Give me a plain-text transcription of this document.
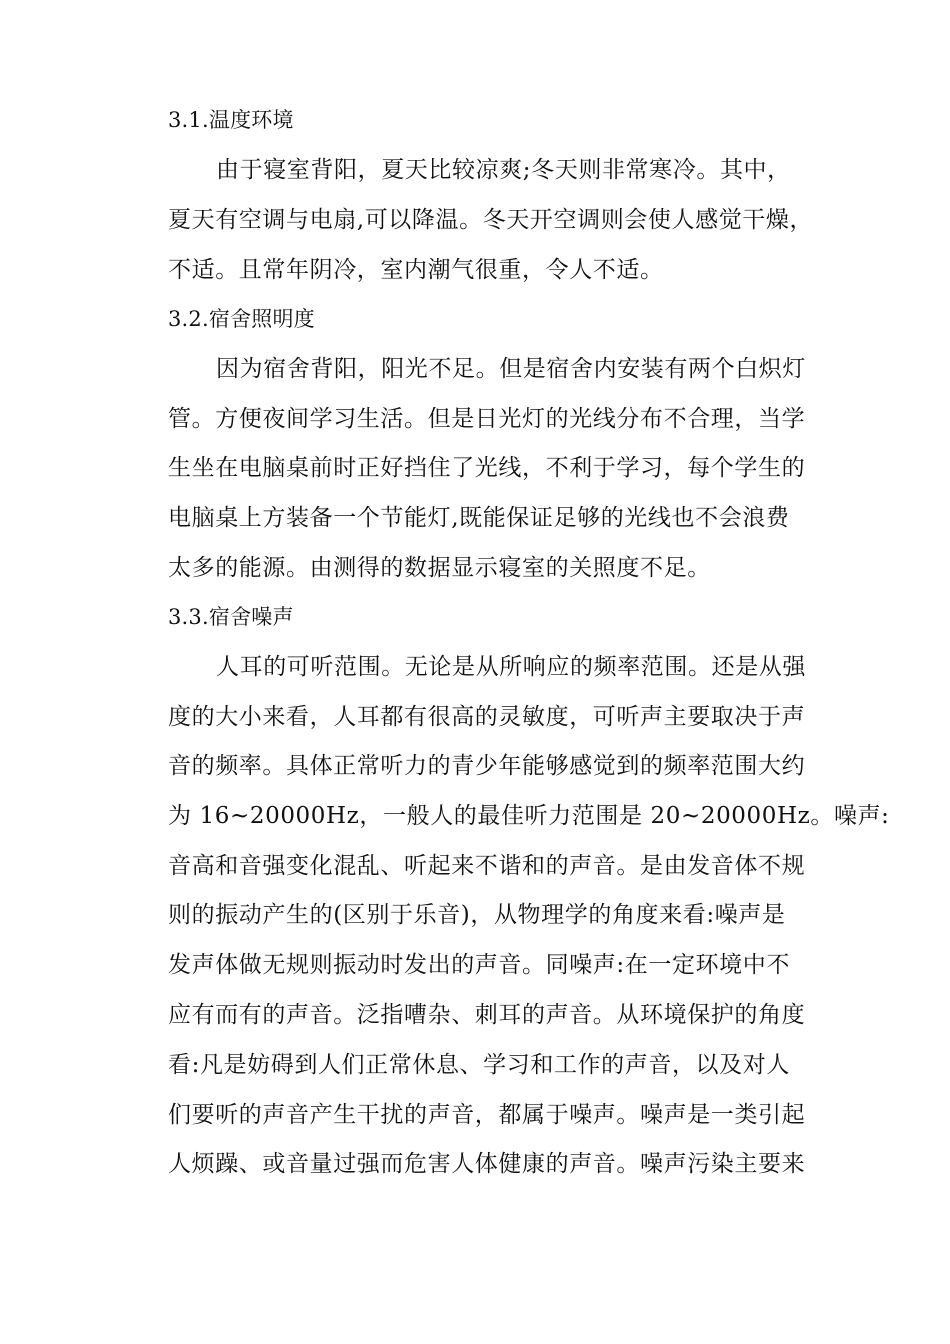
3.1.温度环境
由于寝室背阳，夏天比较凉爽;冬天则非常寒冷。其中，
夏天有空调与电扇,可以降温。冬天开空调则会使人感觉干燥，
不适。且常年阴冷，室内潮气很重，令人不适。
3.2.宿舍照明度
因为宿舍背阳，阳光不足。但是宿舍内安装有两个白炽灯
管。方便夜间学习生活。但是日光灯的光线分布不合理，当学
生坐在电脑桌前时正好挡住了光线，不利于学习，每个学生的
电脑桌上方装备一个节能灯,既能保证足够的光线也不会浪费
太多的能源。由测得的数据显示寝室的关照度不足。
3.3.宿舍噪声
人耳的可听范围。无论是从所响应的频率范围。还是从强
度的大小来看，人耳都有很高的灵敏度，可听声主要取决于声
音的频率。具体正常听力的青少年能够感觉到的频率范围大约
为 16~20000Hz，一般人的最佳听力范围是 20~20000Hz。噪声:
音高和音强变化混乱、听起来不谐和的声音。是由发音体不规
则的振动产生的(区别于乐音)，从物理学的角度来看:噪声是
发声体做无规则振动时发出的声音。同噪声:在一定环境中不
应有而有的声音。泛指嘈杂、刺耳的声音。从环境保护的角度
看:凡是妨碍到人们正常休息、学习和工作的声音，以及对人
们要听的声音产生干扰的声音，都属于噪声。噪声是一类引起
人烦躁、或音量过强而危害人体健康的声音。噪声污染主要来
